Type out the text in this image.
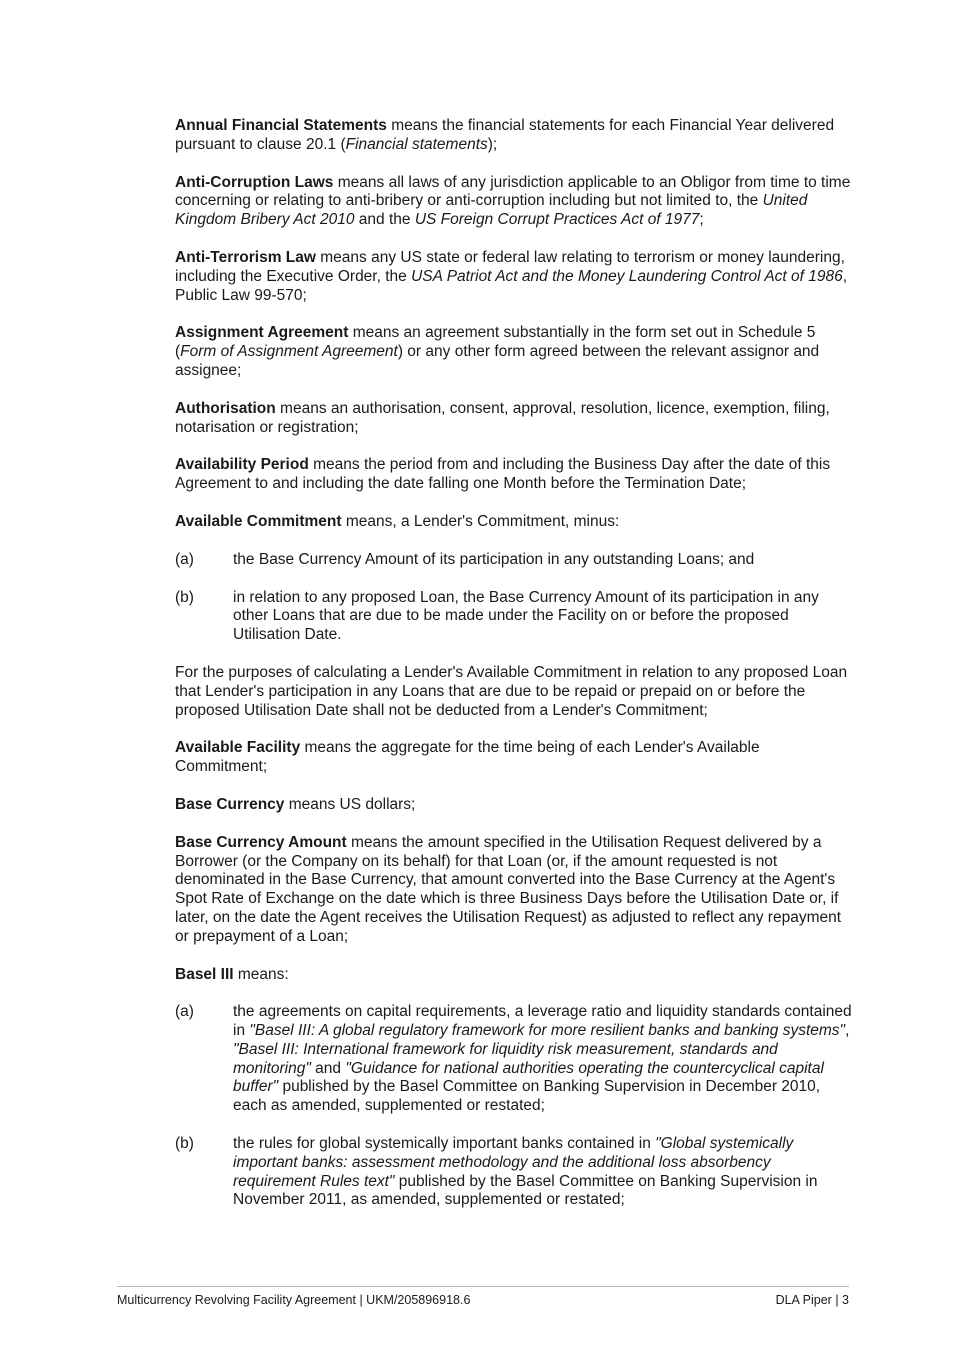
Annual Financial Statements means the financial statements for each Financial Year delivered pursuant to clause 20.1 (Financial statements);

Anti-Corruption Laws means all laws of any jurisdiction applicable to an Obligor from time to time concerning or relating to anti-bribery or anti-corruption including but not limited to, the United Kingdom Bribery Act 2010 and the US Foreign Corrupt Practices Act of 1977;

Anti-Terrorism Law means any US state or federal law relating to terrorism or money laundering, including the Executive Order, the USA Patriot Act and the Money Laundering Control Act of 1986, Public Law 99-570;

Assignment Agreement means an agreement substantially in the form set out in Schedule 5 (Form of Assignment Agreement) or any other form agreed between the relevant assignor and assignee;

Authorisation means an authorisation, consent, approval, resolution, licence, exemption, filing, notarisation or registration;

Availability Period means the period from and including the Business Day after the date of this Agreement to and including the date falling one Month before the Termination Date;

Available Commitment means, a Lender's Commitment, minus:

(a)	the Base Currency Amount of its participation in any outstanding Loans; and
(b)	in relation to any proposed Loan, the Base Currency Amount of its participation in any other Loans that are due to be made under the Facility on or before the proposed Utilisation Date.

For the purposes of calculating a Lender's Available Commitment in relation to any proposed Loan that Lender's participation in any Loans that are due to be repaid or prepaid on or before the proposed Utilisation Date shall not be deducted from a Lender's Commitment;

Available Facility means the aggregate for the time being of each Lender's Available Commitment;

Base Currency means US dollars;

Base Currency Amount means the amount specified in the Utilisation Request delivered by a Borrower (or the Company on its behalf) for that Loan (or, if the amount requested is not denominated in the Base Currency, that amount converted into the Base Currency at the Agent's Spot Rate of Exchange on the date which is three Business Days before the Utilisation Date or, if later, on the date the Agent receives the Utilisation Request) as adjusted to reflect any repayment or prepayment of a Loan;

Basel III means:

(a)	the agreements on capital requirements, a leverage ratio and liquidity standards contained in "Basel III: A global regulatory framework for more resilient banks and banking systems", "Basel III: International framework for liquidity risk measurement, standards and monitoring" and "Guidance for national authorities operating the countercyclical capital buffer" published by the Basel Committee on Banking Supervision in December 2010, each as amended, supplemented or restated;
(b)	the rules for global systemically important banks contained in "Global systemically important banks: assessment methodology and the additional loss absorbency requirement Rules text" published by the Basel Committee on Banking Supervision in November 2011, as amended, supplemented or restated;
Multicurrency Revolving Facility Agreement | UKM/205896918.6	DLA Piper | 3
